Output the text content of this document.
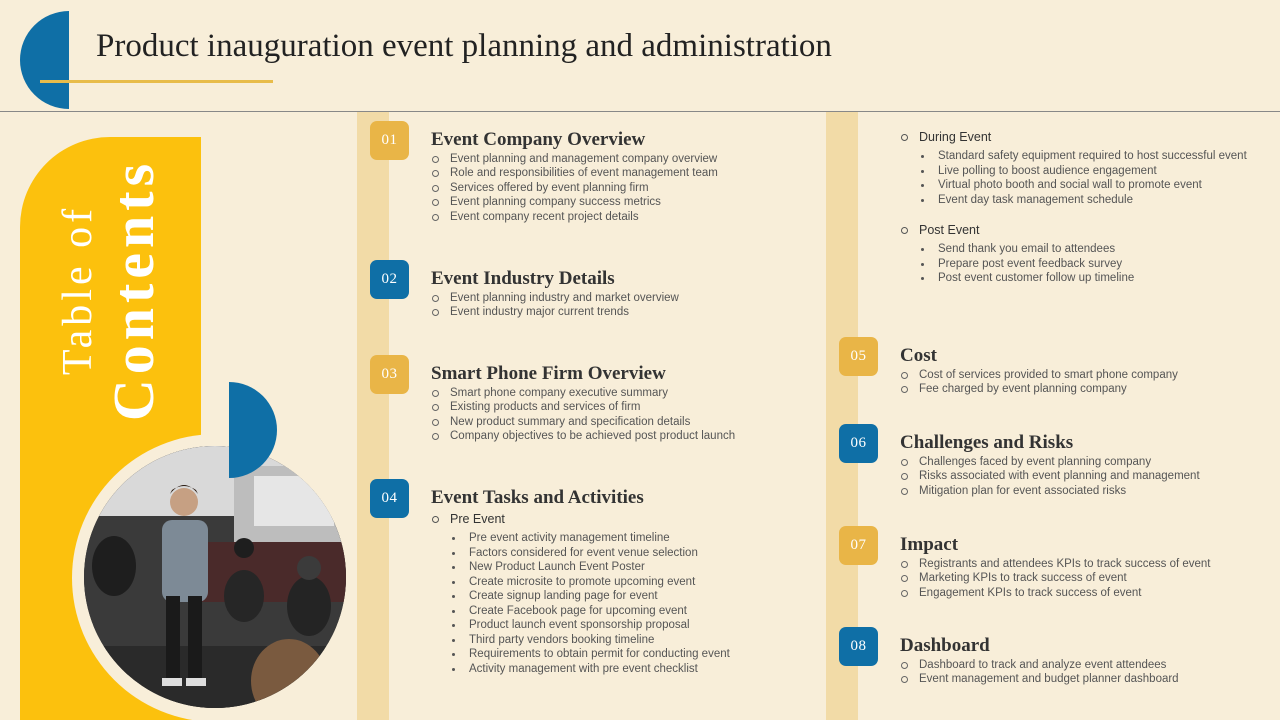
Product inauguration event planning and administration
Table of Contents
01	Event Company Overview
Event planning and management company overview
Role and responsibilities of event management team
Services offered by event planning firm
Event planning company success metrics
Event company recent project details
02	Event Industry Details
Event planning industry and market overview
Event industry major current trends
03	Smart Phone Firm Overview
Smart phone company executive summary
Existing products and services of firm
New product summary and specification details
Company objectives to be achieved post product launch
04	Event Tasks and Activities
Pre Event
Pre event activity management timeline
Factors considered for event venue selection
New Product Launch Event Poster
Create microsite to promote upcoming event
Create signup landing page for event
Create Facebook page for upcoming event
Product launch event sponsorship proposal
Third party vendors booking timeline
Requirements to obtain permit for conducting event
Activity management with pre event checklist
During Event
Standard safety equipment required to host successful event
Live polling to boost audience engagement
Virtual photo booth and social wall to promote event
Event day task management schedule
Post Event
Send thank you email to attendees
Prepare post event feedback survey
Post event customer follow up timeline
05	Cost
Cost of services provided to smart phone company
Fee charged by event planning company
06	Challenges and Risks
Challenges faced by event planning company
Risks associated with event planning and management
Mitigation plan for event associated risks
07	Impact
Registrants and attendees KPIs to track success of event
Marketing KPIs to track success of event
Engagement KPIs to track success of event
08	Dashboard
Dashboard to track and analyze event attendees
Event management and budget planner dashboard
